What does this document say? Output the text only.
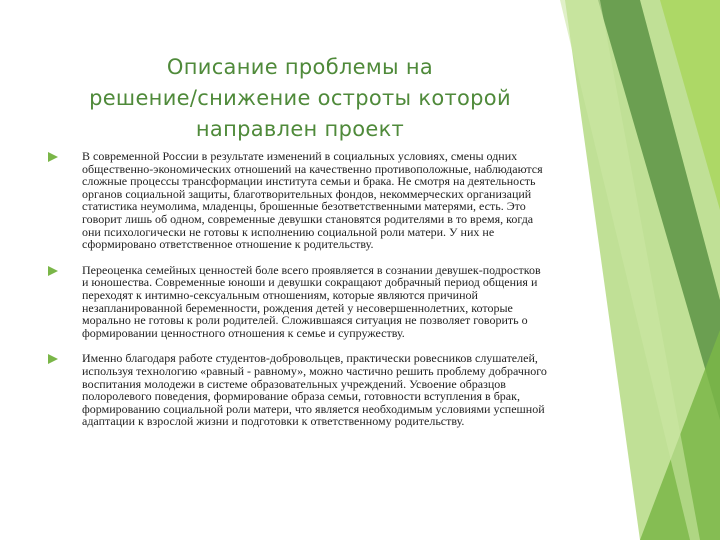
Описание проблемы на
решение/снижение остроты которой
направлен проект

В современной России в результате изменений в социальных условиях, смены одних общественно-экономических отношений на качественно противоположные, наблюдаются сложные процессы трансформации института семьи и брака. Не смотря на деятельность органов социальной защиты, благотворительных фондов, некоммерческих организаций статистика неумолима, младенцы, брошенные безответственными матерями, есть. Это говорит лишь об одном, современные девушки становятся родителями в то время, когда они психологически не готовы к исполнению социальной роли матери. У них не сформировано ответственное отношение к родительству.

Переоценка семейных ценностей боле всего проявляется в сознании девушек-подростков и юношества. Современные юноши и девушки сокращают добрачный период общения и переходят к интимно-сексуальным отношениям, которые являются причиной незапланированной беременности, рождения детей у несовершеннолетних, которые морально не готовы к роли родителей. Сложившаяся ситуация не позволяет говорить о формировании ценностного отношения к семье и супружеству.

Именно благодаря работе студентов-добровольцев, практически ровесников слушателей, используя технологию «равный - равному», можно частично решить проблему добрачного воспитания молодежи в системе образовательных учреждений. Усвоение образцов полоролевого поведения, формирование образа семьи, готовности вступления в брак, формированию социальной роли матери, что является необходимым условиями успешной адаптации к взрослой жизни и подготовки к ответственному родительству.
